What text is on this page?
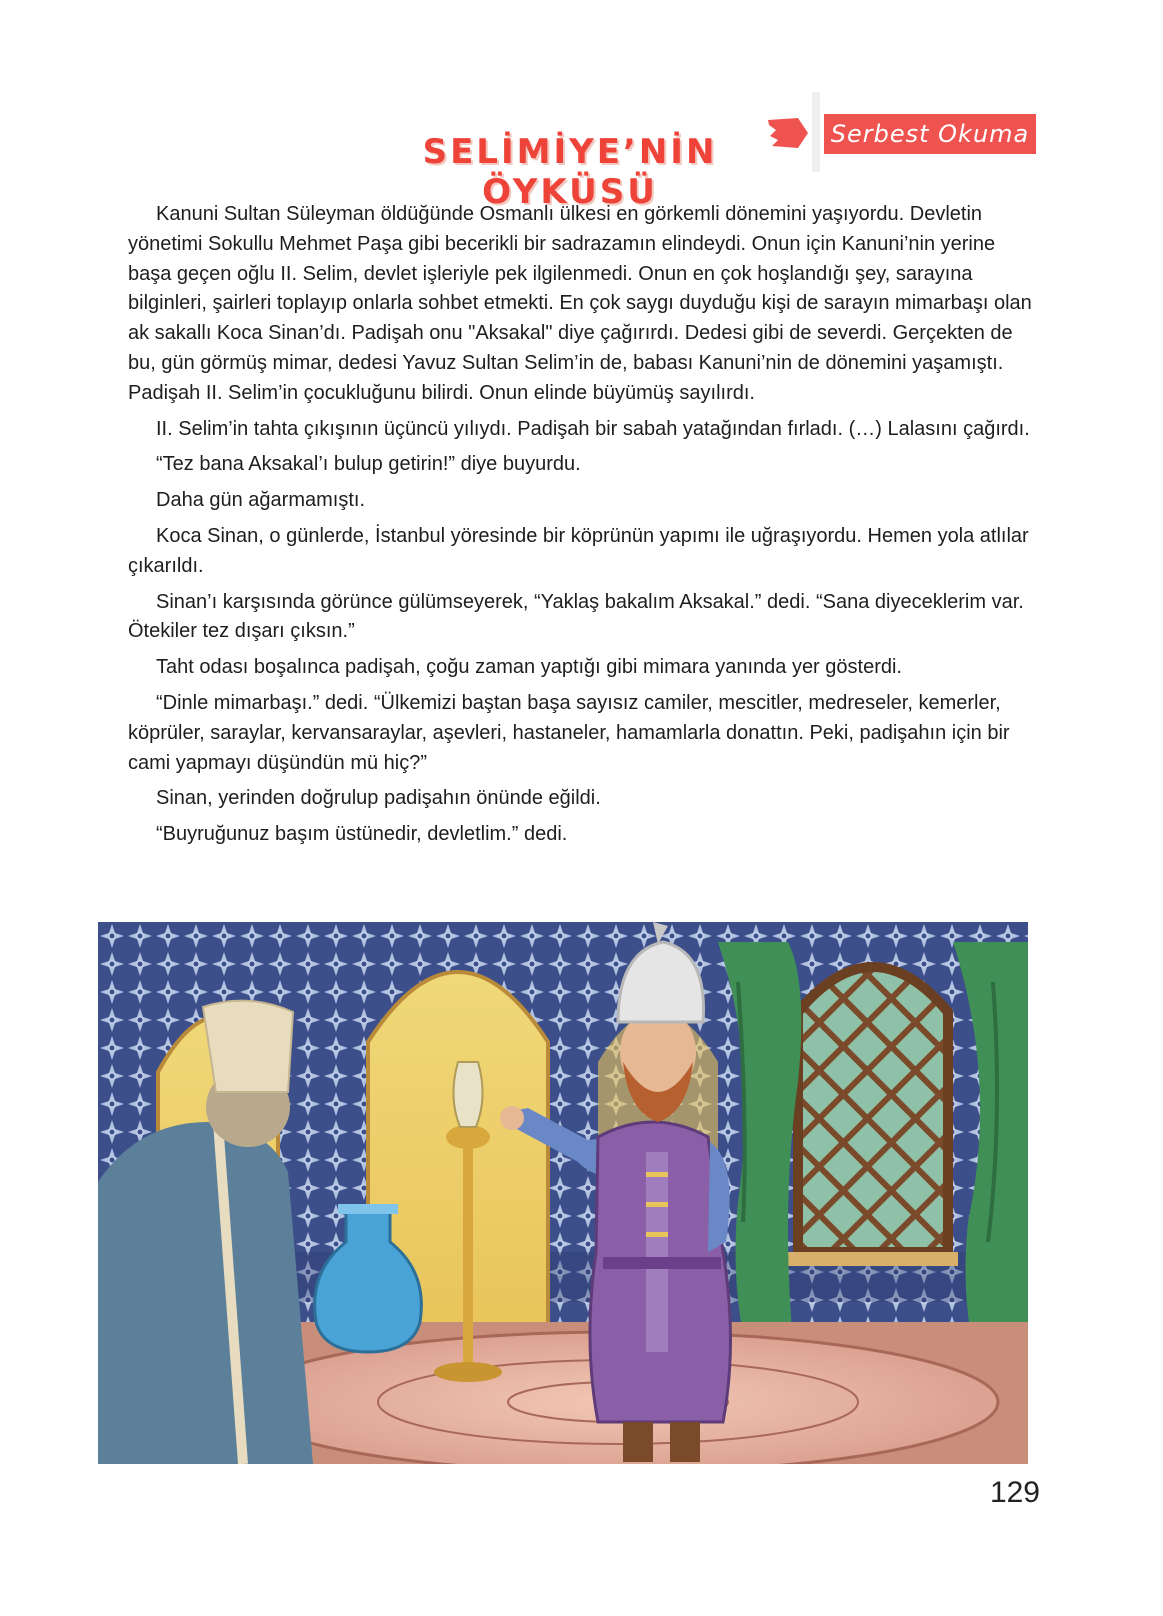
Serbest Okuma
SELİMİYE’NİN ÖYKÜSÜ

Kanuni Sultan Süleyman öldüğünde Osmanlı ülkesi en görkemli dönemini yaşıyordu. Devletin yönetimi Sokullu Mehmet Paşa gibi becerikli bir sadrazamın elindeydi. Onun için Kanuni’nin yerine başa geçen oğlu II. Selim, devlet işleriyle pek ilgilenmedi. Onun en çok hoşlandığı şey, sarayına bilginleri, şairleri toplayıp onlarla sohbet etmekti. En çok saygı duyduğu kişi de sarayın mimarbaşı olan ak sakallı Koca Sinan’dı. Padişah onu "Aksakal" diye çağırırdı. Dedesi gibi de severdi. Gerçekten de bu, gün görmüş mimar, dedesi Yavuz Sultan Selim’in de, babası Kanuni’nin de dönemini yaşamıştı. Padişah II. Selim’in çocukluğunu bilirdi. Onun elinde büyümüş sayılırdı.

II. Selim’in tahta çıkışının üçüncü yılıydı. Padişah bir sabah yatağından fırladı. (…) Lalasını çağırdı.

“Tez bana Aksakal’ı bulup getirin!” diye buyurdu.

Daha gün ağarmamıştı.

Koca Sinan, o günlerde, İstanbul yöresinde bir köprünün yapımı ile uğraşıyordu. Hemen yola atlılar çıkarıldı.

Sinan’ı karşısında görünce gülümseyerek, “Yaklaş bakalım Aksakal.” dedi. “Sana diyeceklerim var. Ötekiler tez dışarı çıksın.”

Taht odası boşalınca padişah, çoğu zaman yaptığı gibi mimara yanında yer gösterdi.

“Dinle mimarbaşı.” dedi. “Ülkemizi baştan başa sayısız camiler, mescitler, medreseler, kemerler, köprüler, saraylar, kervansaraylar, aşevleri, hastaneler, hamamlarla donattın. Peki, padişahın için bir cami yapmayı düşündün mü hiç?”

Sinan, yerinden doğrulup padişahın önünde eğildi.

“Buyruğunuz başım üstünedir, devletlim.” dedi.

129
